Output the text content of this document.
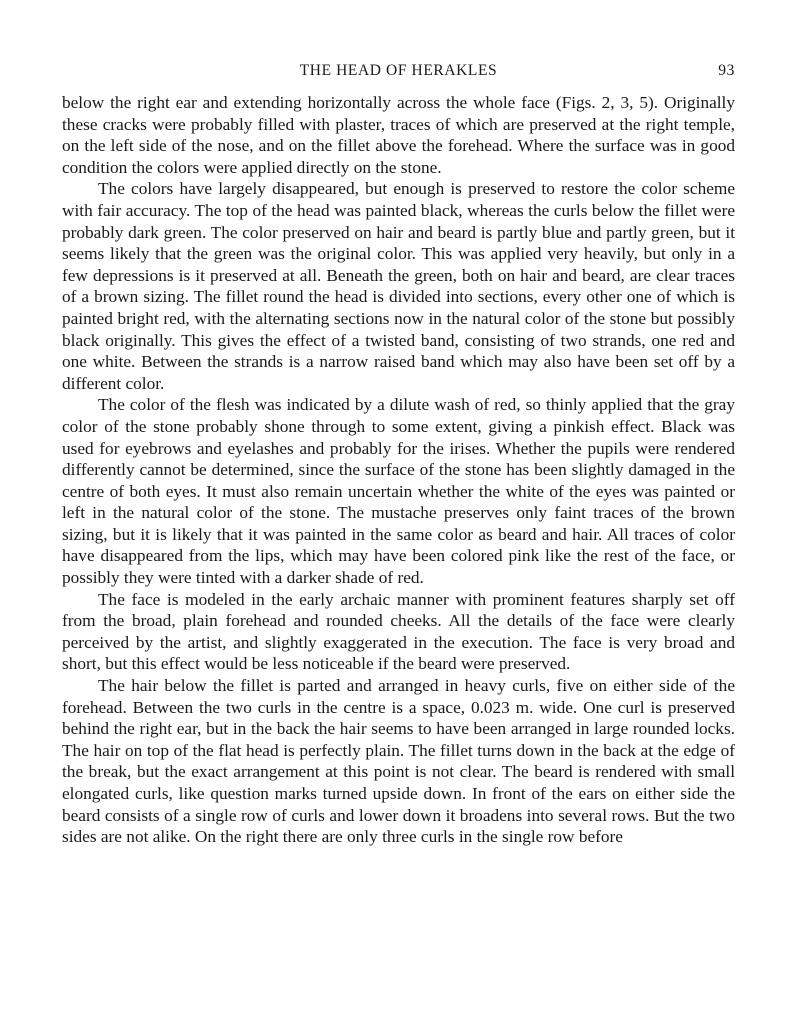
THE HEAD OF HERAKLES	93

below the right ear and extending horizontally across the whole face (Figs. 2, 3, 5). Originally these cracks were probably filled with plaster, traces of which are preserved at the right temple, on the left side of the nose, and on the fillet above the forehead. Where the surface was in good condition the colors were applied directly on the stone.

The colors have largely disappeared, but enough is preserved to restore the color scheme with fair accuracy. The top of the head was painted black, whereas the curls below the fillet were probably dark green. The color preserved on hair and beard is partly blue and partly green, but it seems likely that the green was the original color. This was applied very heavily, but only in a few depressions is it preserved at all. Beneath the green, both on hair and beard, are clear traces of a brown sizing. The fillet round the head is divided into sections, every other one of which is painted bright red, with the alternating sections now in the natural color of the stone but possibly black originally. This gives the effect of a twisted band, consisting of two strands, one red and one white. Between the strands is a narrow raised band which may also have been set off by a different color.

The color of the flesh was indicated by a dilute wash of red, so thinly applied that the gray color of the stone probably shone through to some extent, giving a pinkish effect. Black was used for eyebrows and eyelashes and probably for the irises. Whether the pupils were rendered differently cannot be determined, since the surface of the stone has been slightly damaged in the centre of both eyes. It must also remain uncertain whether the white of the eyes was painted or left in the natural color of the stone. The mustache preserves only faint traces of the brown sizing, but it is likely that it was painted in the same color as beard and hair. All traces of color have disappeared from the lips, which may have been colored pink like the rest of the face, or possibly they were tinted with a darker shade of red.

The face is modeled in the early archaic manner with prominent features sharply set off from the broad, plain forehead and rounded cheeks. All the details of the face were clearly perceived by the artist, and slightly exaggerated in the execution. The face is very broad and short, but this effect would be less noticeable if the beard were preserved.

The hair below the fillet is parted and arranged in heavy curls, five on either side of the forehead. Between the two curls in the centre is a space, 0.023 m. wide. One curl is preserved behind the right ear, but in the back the hair seems to have been arranged in large rounded locks. The hair on top of the flat head is perfectly plain. The fillet turns down in the back at the edge of the break, but the exact arrangement at this point is not clear. The beard is rendered with small elongated curls, like question marks turned upside down. In front of the ears on either side the beard consists of a single row of curls and lower down it broadens into several rows. But the two sides are not alike. On the right there are only three curls in the single row before
